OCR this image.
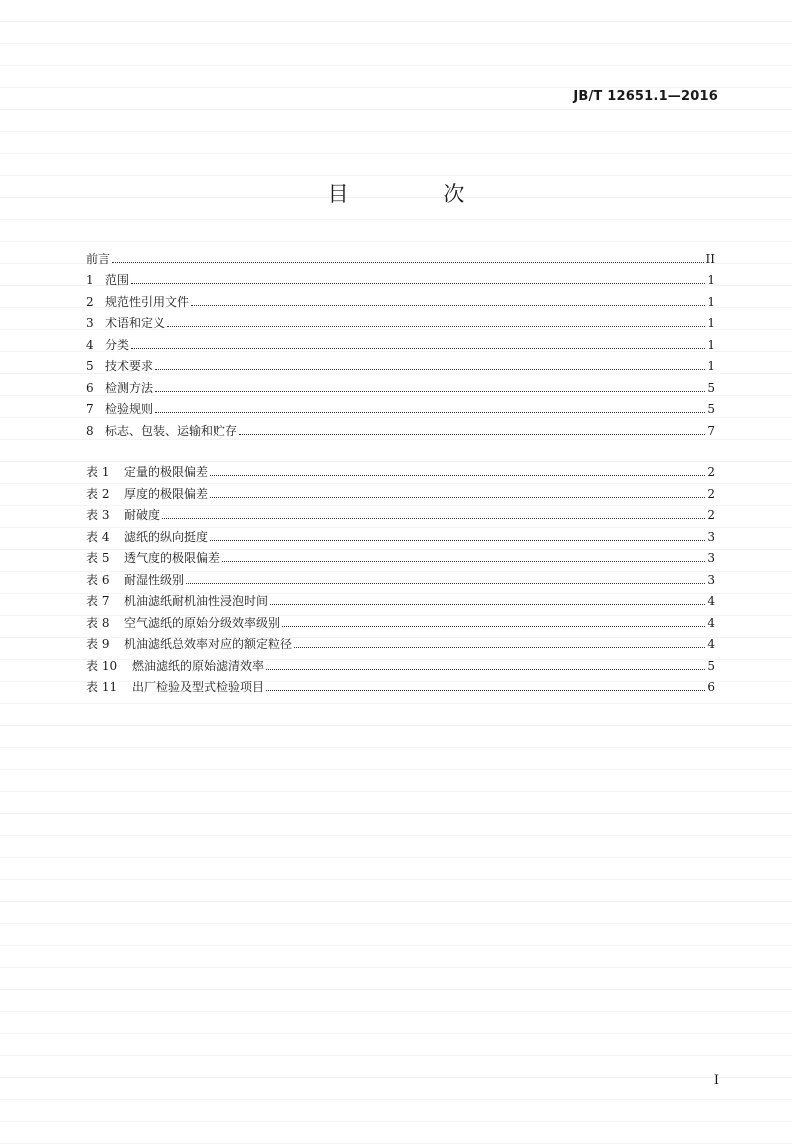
JB/T 12651.1—2016
目 次
前言	II
1 范围	1
2 规范性引用文件	1
3 术语和定义	1
4 分类	1
5 技术要求	1
6 检测方法	5
7 检验规则	5
8 标志、包装、运输和贮存	7
表 1	定量的极限偏差	2
表 2	厚度的极限偏差	2
表 3	耐破度	2
表 4	滤纸的纵向挺度	3
表 5	透气度的极限偏差	3
表 6	耐湿性级别	3
表 7	机油滤纸耐机油性浸泡时间	4
表 8	空气滤纸的原始分级效率级别	4
表 9	机油滤纸总效率对应的额定粒径	4
表 10	燃油滤纸的原始滤清效率	5
表 11	出厂检验及型式检验项目	6
I
